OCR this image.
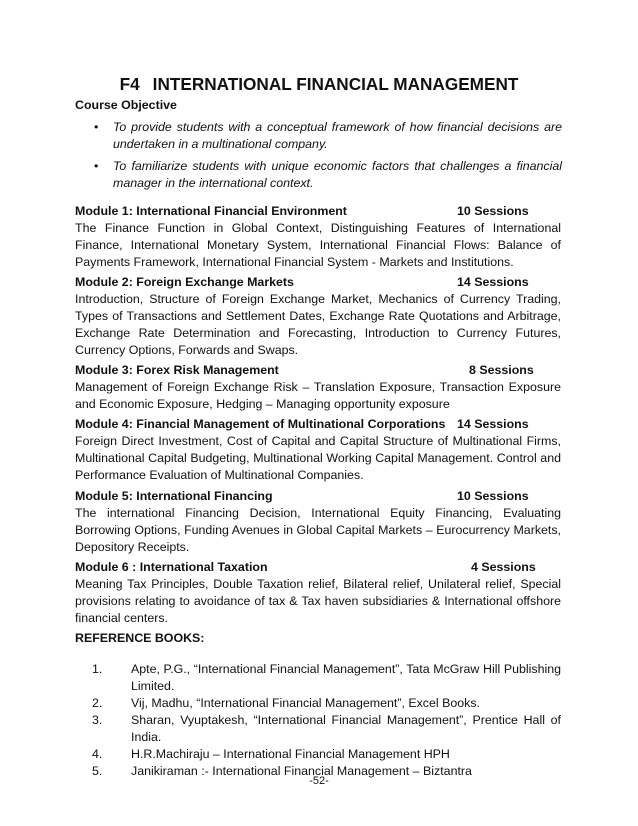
F4 INTERNATIONAL FINANCIAL MANAGEMENT
Course Objective
• To provide students with a conceptual framework of how financial decisions are undertaken in a multinational company.
• To familiarize students with unique economic factors that challenges a financial manager in the international context.
Module 1: International Financial Environment	10 Sessions
The Finance Function in Global Context, Distinguishing Features of International Finance, International Monetary System, International Financial Flows: Balance of Payments Framework, International Financial System - Markets and Institutions.
Module 2: Foreign Exchange Markets	14 Sessions
Introduction, Structure of Foreign Exchange Market, Mechanics of Currency Trading, Types of Transactions and Settlement Dates, Exchange Rate Quotations and Arbitrage, Exchange Rate Determination and Forecasting, Introduction to Currency Futures, Currency Options, Forwards and Swaps.
Module 3: Forex Risk Management	8 Sessions
Management of Foreign Exchange Risk – Translation Exposure, Transaction Exposure and Economic Exposure, Hedging – Managing opportunity exposure
Module 4: Financial Management of Multinational Corporations 14 Sessions
Foreign Direct Investment, Cost of Capital and Capital Structure of Multinational Firms, Multinational Capital Budgeting, Multinational Working Capital Management. Control and Performance Evaluation of Multinational Companies.
Module 5: International Financing	10 Sessions
The international Financing Decision, International Equity Financing, Evaluating Borrowing Options, Funding Avenues in Global Capital Markets – Eurocurrency Markets, Depository Receipts.
Module 6 : International Taxation	4 Sessions
Meaning Tax Principles, Double Taxation relief, Bilateral relief, Unilateral relief, Special provisions relating to avoidance of tax & Tax haven subsidiaries & International offshore financial centers.
REFERENCE BOOKS:
1. Apte, P.G., “International Financial Management”, Tata McGraw Hill Publishing Limited.
2. Vij, Madhu, “International Financial Management”, Excel Books.
3. Sharan, Vyuptakesh, “International Financial Management”, Prentice Hall of India.
4. H.R.Machiraju – International Financial Management HPH
5. Janikiraman :- International Financial Management – Biztantra
-52-
